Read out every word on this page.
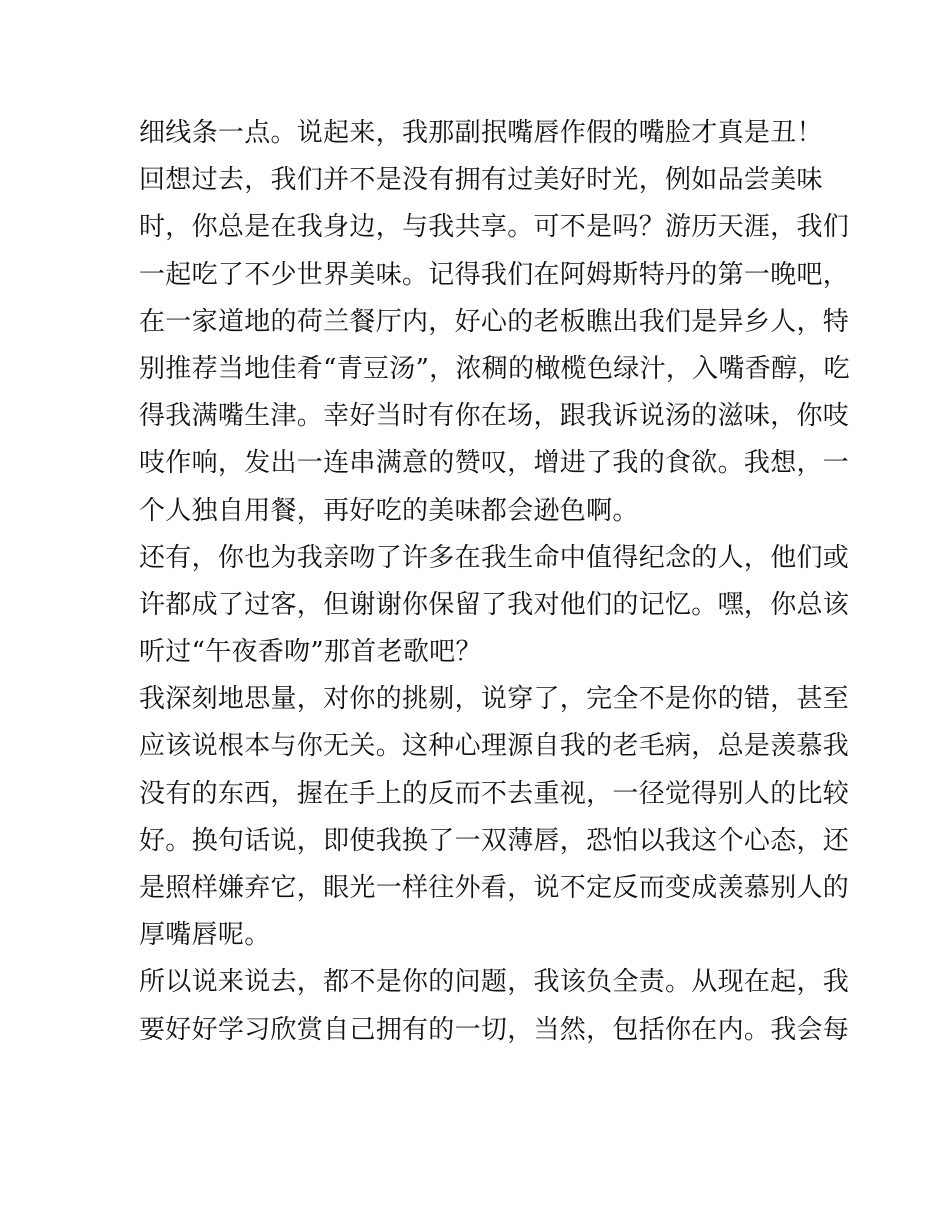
细线条一点。说起来，我那副抿嘴唇作假的嘴脸才真是丑！
回想过去，我们并不是没有拥有过美好时光，例如品尝美味
时，你总是在我身边，与我共享。可不是吗？游历天涯，我们
一起吃了不少世界美味。记得我们在阿姆斯特丹的第一晚吧，
在一家道地的荷兰餐厅内，好心的老板瞧出我们是异乡人，特
别推荐当地佳肴“青豆汤”，浓稠的橄榄色绿汁，入嘴香醇，吃
得我满嘴生津。幸好当时有你在场，跟我诉说汤的滋味，你吱
吱作响，发出一连串满意的赞叹，增进了我的食欲。我想，一
个人独自用餐，再好吃的美味都会逊色啊。
还有，你也为我亲吻了许多在我生命中值得纪念的人，他们或
许都成了过客，但谢谢你保留了我对他们的记忆。嘿，你总该
听过“午夜香吻”那首老歌吧？
我深刻地思量，对你的挑剔，说穿了，完全不是你的错，甚至
应该说根本与你无关。这种心理源自我的老毛病，总是羡慕我
没有的东西，握在手上的反而不去重视，一径觉得别人的比较
好。换句话说，即使我换了一双薄唇，恐怕以我这个心态，还
是照样嫌弃它，眼光一样往外看，说不定反而变成羡慕别人的
厚嘴唇呢。
所以说来说去，都不是你的问题，我该负全责。从现在起，我
要好好学习欣赏自己拥有的一切，当然，包括你在内。我会每
